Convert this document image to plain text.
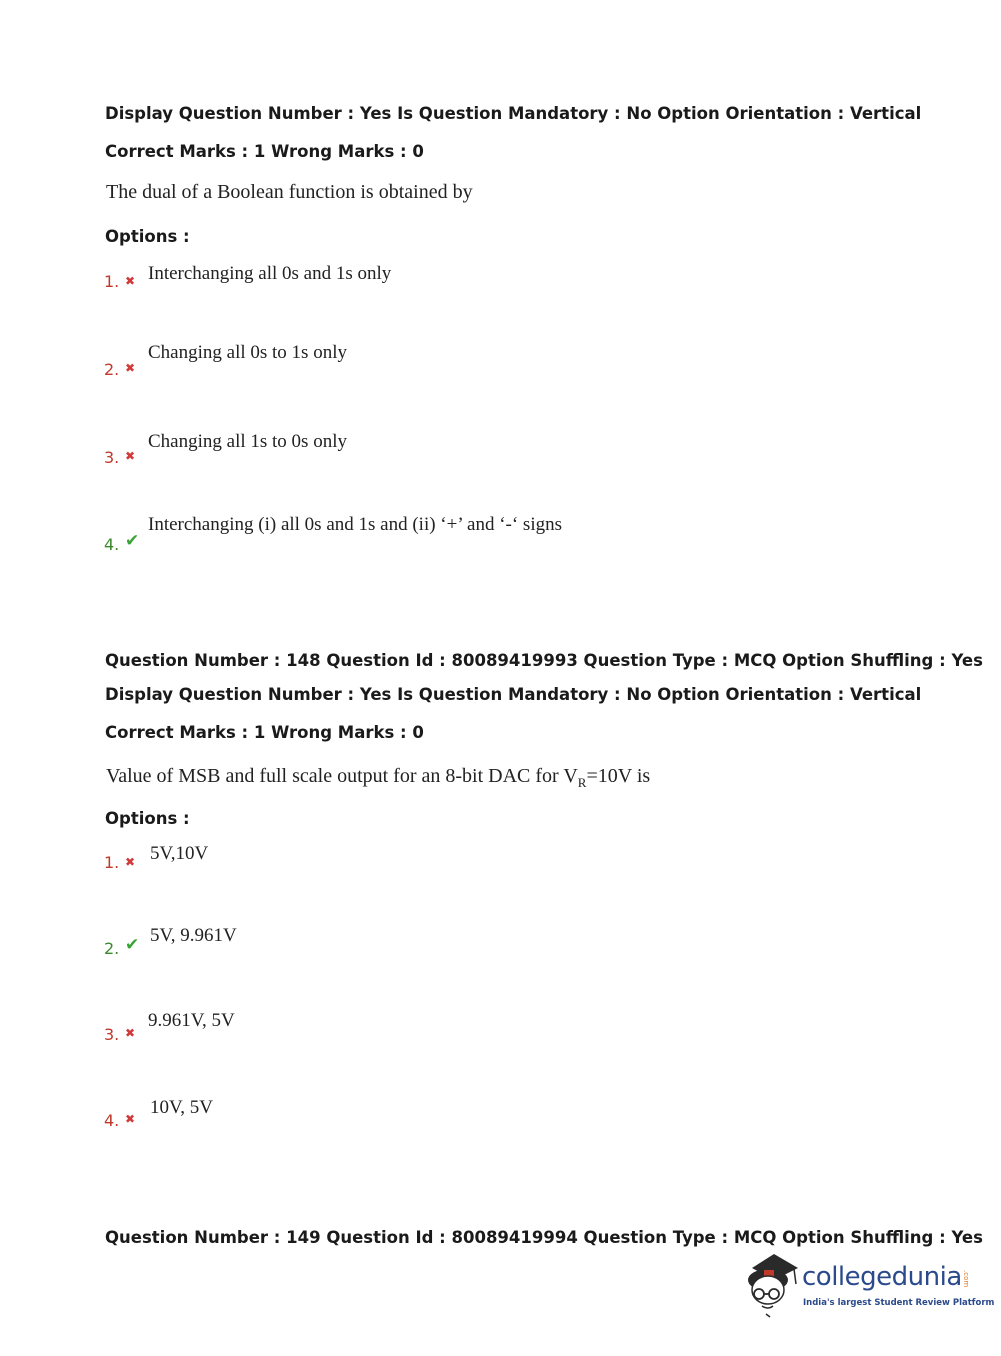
Display Question Number : Yes Is Question Mandatory : No Option Orientation : Vertical
Correct Marks : 1 Wrong Marks : 0
The dual of a Boolean function is obtained by
Options :
1. ✖ Interchanging all 0s and 1s only
2. ✖
Changing all 0s to 1s only
3. ✖
Changing all 1s to 0s only
4. ✔
Interchanging (i) all 0s and 1s and (ii) ‘+’ and ‘-‘ signs
Question Number : 148 Question Id : 80089419993 Question Type : MCQ Option Shuffling : Yes
Display Question Number : Yes Is Question Mandatory : No Option Orientation : Vertical
Correct Marks : 1 Wrong Marks : 0
Value of MSB and full scale output for an 8-bit DAC for $V_R=10V$ is
Options :
1. ✖ 5V,10V
2. ✔ 5V, 9.961V
3. ✖
9.961V, 5V
4. ✖
10V, 5V
Question Number : 149 Question Id : 80089419994 Question Type : MCQ Option Shuffling : Yes
collegedunia .com
India's largest Student Review Platform
